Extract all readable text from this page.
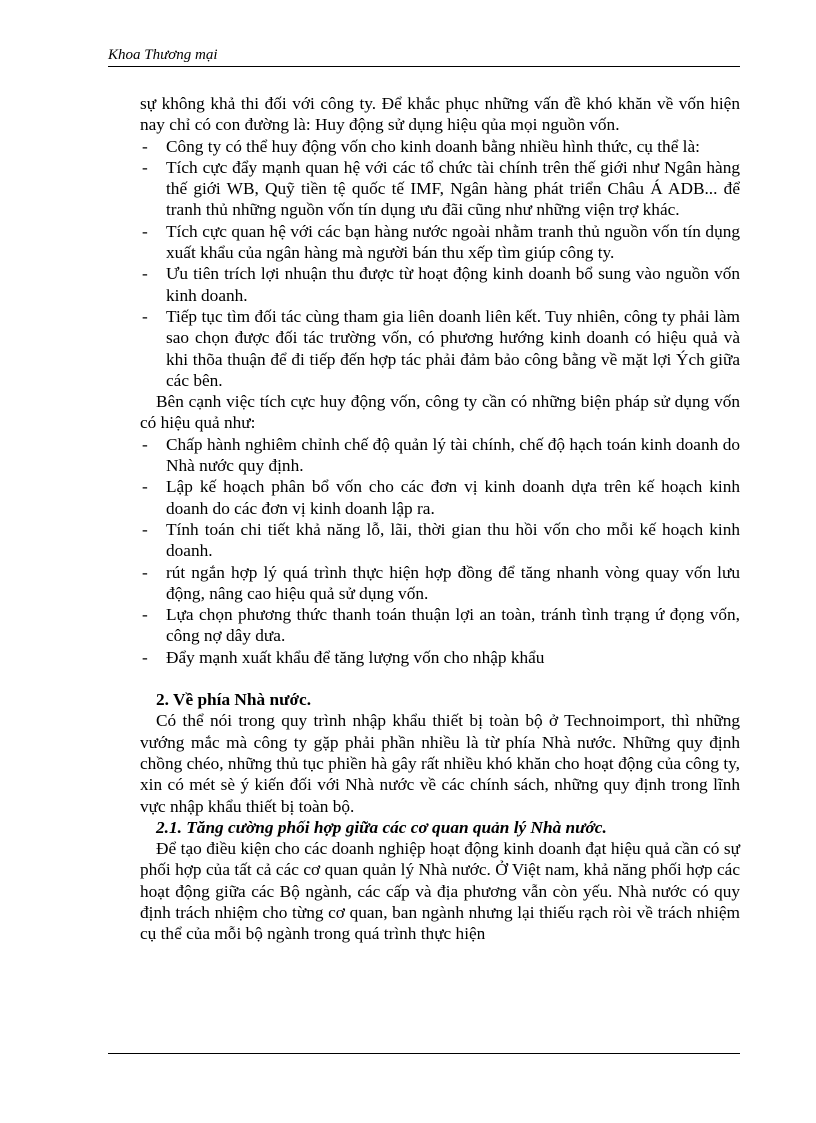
Khoa Thương mại

sự không khả thi đối với công ty. Để khắc phục những vấn đề khó khăn về vốn hiện nay chỉ có con đường là: Huy động sử dụng hiệu qủa mọi nguồn vốn.

- Công ty có thể huy động vốn cho kinh doanh bằng nhiều hình thức, cụ thể là:

- Tích cực đẩy mạnh quan hệ với các tổ chức tài chính trên thế giới như Ngân hàng thế giới WB, Quỹ tiền tệ quốc tế IMF, Ngân hàng phát triển Châu Á ADB... để tranh thủ những nguồn vốn tín dụng ưu đãi cũng như những viện trợ khác.

- Tích cực quan hệ với các bạn hàng nước ngoài nhằm tranh thủ nguồn vốn tín dụng xuất khẩu của ngân hàng mà người bán thu xếp tìm giúp công ty.

- Ưu tiên trích lợi nhuận thu được từ hoạt động kinh doanh bổ sung vào nguồn vốn kinh doanh.

- Tiếp tục tìm đối tác cùng tham gia liên doanh liên kết. Tuy nhiên, công ty phải làm sao chọn được đối tác trường vốn, có phương hướng kinh doanh có hiệu quả và khi thõa thuận để đi tiếp đến hợp tác phải đảm bảo công bằng về mặt lợi Ých giữa các bên.

Bên cạnh việc tích cực huy động vốn, công ty cần có những biện pháp sử dụng vốn có hiệu quả như:

- Chấp hành nghiêm chỉnh chế độ quản lý tài chính, chế độ hạch toán kinh doanh do Nhà nước quy định.

- Lập kế hoạch phân bổ vốn cho các đơn vị kinh doanh dựa trên kế hoạch kinh doanh do các đơn vị kinh doanh lập ra.

- Tính toán chi tiết khả năng lỗ, lãi, thời gian thu hồi vốn cho mỗi kế hoạch kinh doanh.

- rút ngắn hợp lý quá trình thực hiện hợp đồng để tăng nhanh vòng quay vốn lưu động, nâng cao hiệu quả sử dụng vốn.

- Lựa chọn phương thức thanh toán thuận lợi an toàn, tránh tình trạng ứ đọng vốn, công nợ dây dưa.

- Đẩy mạnh xuất khẩu để tăng lượng vốn cho nhập khẩu

2. Về phía Nhà nước.

Có thể nói trong quy trình nhập khẩu thiết bị toàn bộ ở Technoimport, thì những vướng mắc mà công ty gặp phải phần nhiều là từ phía Nhà nước. Những quy định chồng chéo, những thủ tục phiền hà gây rất nhiều khó khăn cho hoạt động của công ty, xin có mét sè ý kiến đối với Nhà nước về các chính sách, những quy định trong lĩnh vực nhập khẩu thiết bị toàn bộ.

2.1. Tăng cường phối hợp giữa các cơ quan quản lý Nhà nước.

Để tạo điều kiện cho các doanh nghiệp hoạt động kinh doanh đạt hiệu quả cần có sự phối hợp của tất cả các cơ quan quản lý Nhà nước. Ở Việt nam, khả năng phối hợp các hoạt động giữa các Bộ ngành, các cấp và địa phương vẫn còn yếu. Nhà nước có quy định trách nhiệm cho từng cơ quan, ban ngành nhưng lại thiếu rạch ròi về trách nhiệm cụ thể của mỗi bộ ngành trong quá trình thực hiện
